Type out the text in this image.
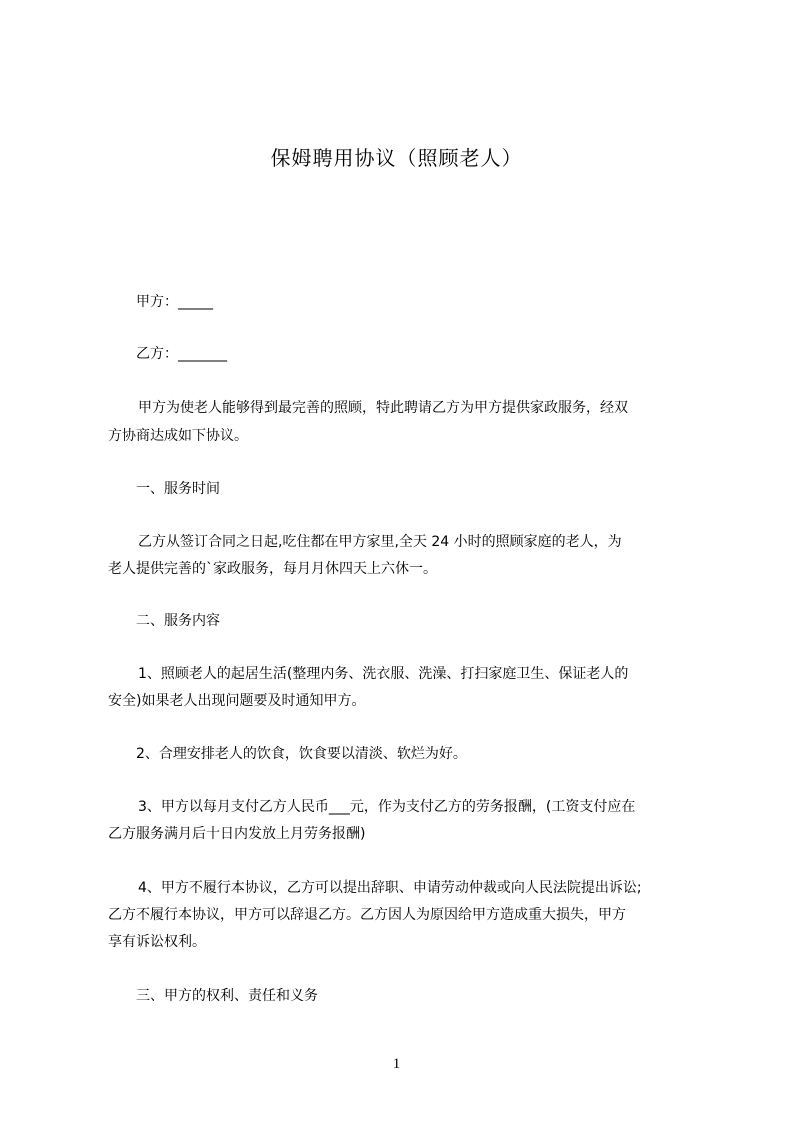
保姆聘用协议（照顾老人）
甲方：_____
乙方：_______
甲方为使老人能够得到最完善的照顾，特此聘请乙方为甲方提供家政服务，经双
方协商达成如下协议。
一、服务时间
乙方从签订合同之日起,吃住都在甲方家里,全天 24 小时的照顾家庭的老人，为
老人提供完善的`家政服务，每月月休四天上六休一。
二、服务内容
1、照顾老人的起居生活(整理内务、洗衣服、洗澡、打扫家庭卫生、保证老人的
安全)如果老人出现问题要及时通知甲方。
2、合理安排老人的饮食，饮食要以清淡、软烂为好。
3、甲方以每月支付乙方人民币___元，作为支付乙方的劳务报酬，(工资支付应在
乙方服务满月后十日内发放上月劳务报酬)
4、甲方不履行本协议，乙方可以提出辞职、申请劳动仲裁或向人民法院提出诉讼;
乙方不履行本协议，甲方可以辞退乙方。乙方因人为原因给甲方造成重大损失，甲方
享有诉讼权利。
三、甲方的权利、责任和义务
1
